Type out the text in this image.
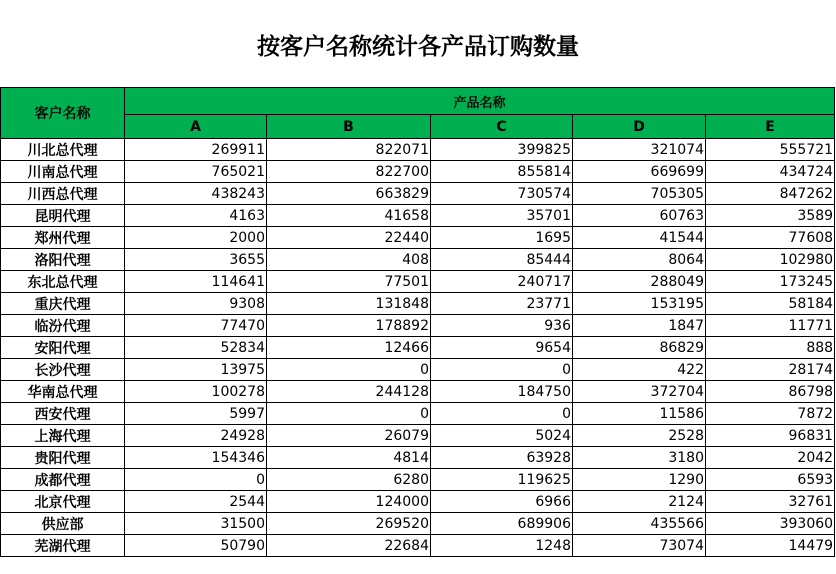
按客户名称统计各产品订购数量
客户名称	产品名称				
	A	B	C	D	E
川北总代理	269911	822071	399825	321074	555721
川南总代理	765021	822700	855814	669699	434724
川西总代理	438243	663829	730574	705305	847262
昆明代理	4163	41658	35701	60763	3589
郑州代理	2000	22440	1695	41544	77608
洛阳代理	3655	408	85444	8064	102980
东北总代理	114641	77501	240717	288049	173245
重庆代理	9308	131848	23771	153195	58184
临汾代理	77470	178892	936	1847	11771
安阳代理	52834	12466	9654	86829	888
长沙代理	13975	0	0	422	28174
华南总代理	100278	244128	184750	372704	86798
西安代理	5997	0	0	11586	7872
上海代理	24928	26079	5024	2528	96831
贵阳代理	154346	4814	63928	3180	2042
成都代理	0	6280	119625	1290	6593
北京代理	2544	124000	6966	2124	32761
供应部	31500	269520	689906	435566	393060
芜湖代理	50790	22684	1248	73074	14479
